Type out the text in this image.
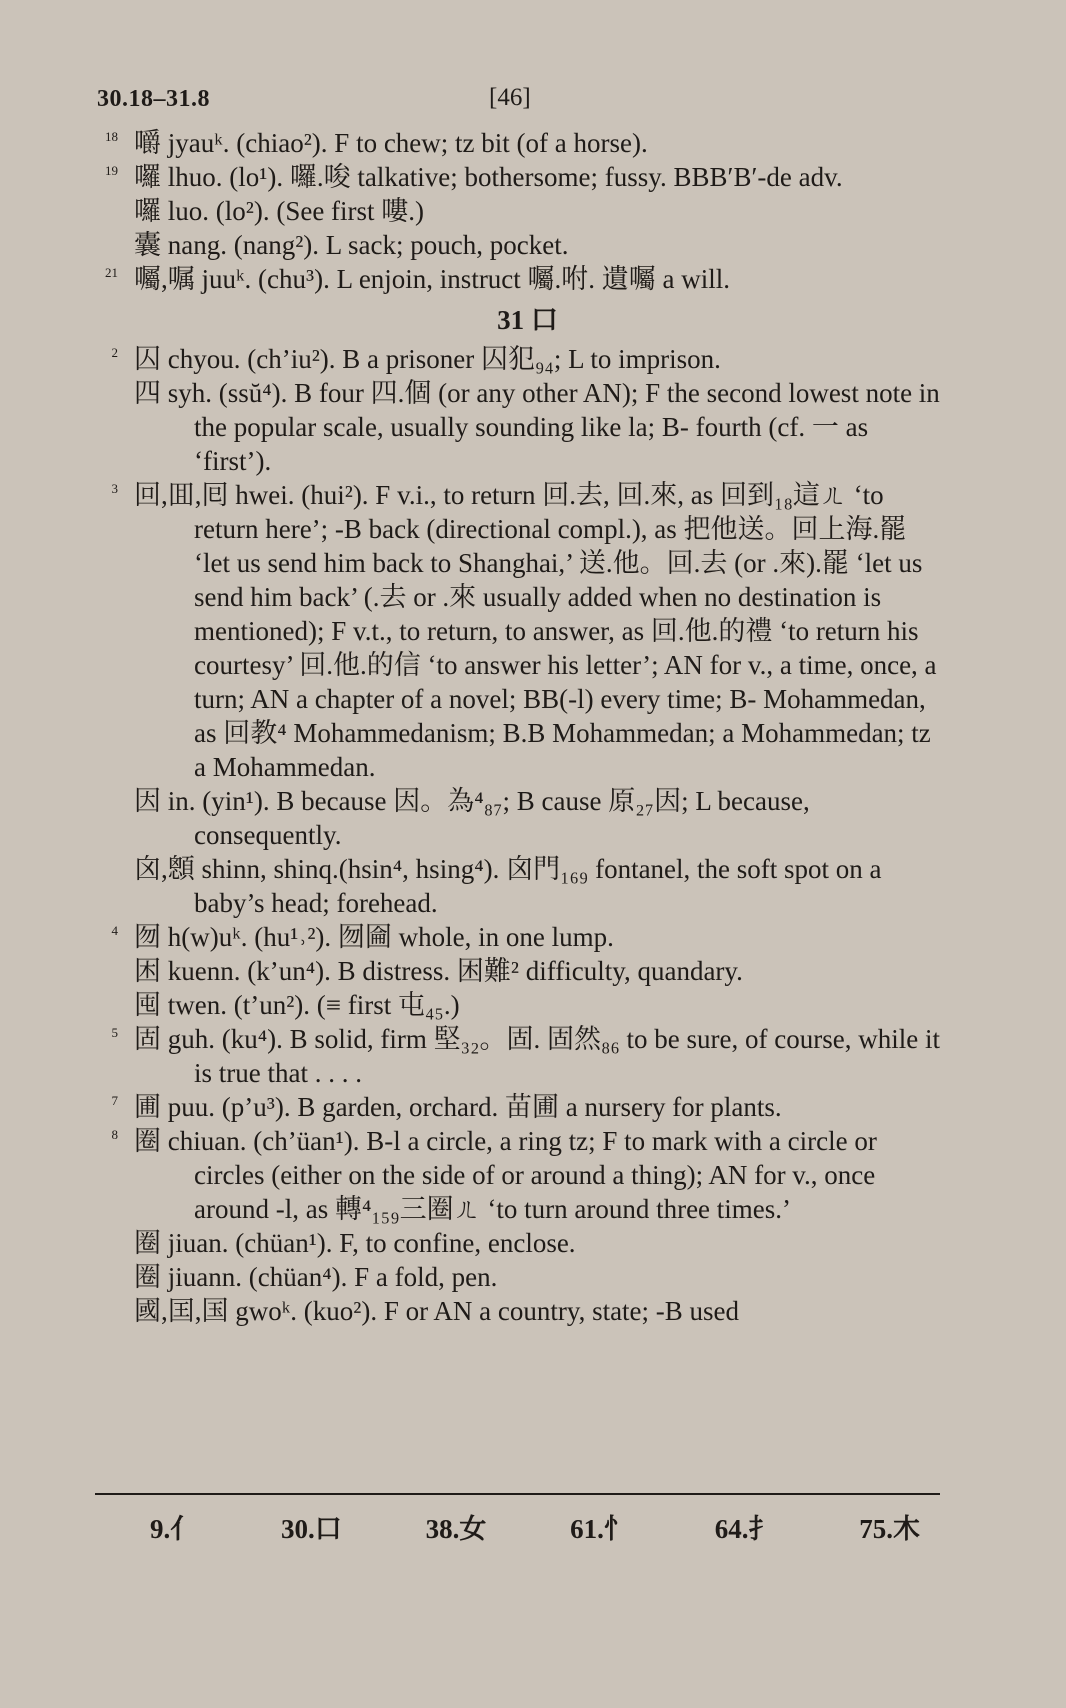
30.18–31.8	[46]

18 嚼 jyauᵏ. (chiao²). F to chew; tz bit (of a horse).

19 囉 lhuo. (lo¹). 囉.唆 talkative; bothersome; fussy. BBB′B′-de adv.

囉 luo. (lo²). (See first 嘍.)

囊 nang. (nang²). L sack; pouch, pocket.

21 囑,嘱 juuᵏ. (chu³). L enjoin, instruct 囑.咐. 遺囑 a will.

31 口

2 囚 chyou. (ch’iu²). B a prisoner 囚犯₉₄; L to imprison.

四 syh. (ssŭ⁴). B four 四.個 (or any other AN); F the second lowest note in the popular scale, usually sounding like la; B- fourth (cf. 一 as ‘first’).

3 回,囬,囘 hwei. (hui²). F v.i., to return 回.去, 回.來, as 回到₁₈這ㄦ ‘to return here’; -B back (directional compl.), as 把他送。回上海.罷 ‘let us send him back to Shanghai,’ 送.他。回.去 (or .來).罷 ‘let us send him back’ (.去 or .來 usually added when no destination is mentioned); F v.t., to return, to answer, as 回.他.的禮 ‘to return his courtesy’ 回.他.的信 ‘to answer his letter’; AN for v., a time, once, a turn; AN a chapter of a novel; BB(-l) every time; B- Mohammedan, as 回教⁴ Mohammedanism; B.B Mohammedan; a Mohammedan; tz a Mohammedan.

因 in. (yin¹). B because 因。為⁴₈₇; B cause 原₂₇因; L because, consequently.

囟,顖 shinn, shinq.(hsin⁴, hsing⁴). 囟門₁₆₉ fontanel, the soft spot on a baby’s head; forehead.

4 囫 h(w)uᵏ. (hu¹˒²). 囫圇 whole, in one lump.

困 kuenn. (k’un⁴). B distress. 困難² difficulty, quandary.

囤 twen. (t’un²). (≡ first 屯₄₅.)

5 固 guh. (ku⁴). B solid, firm 堅₃₂。固. 固然₈₆ to be sure, of course, while it is true that . . . .

7 圃 puu. (p’u³). B garden, orchard. 苗圃 a nursery for plants.

8 圈 chiuan. (ch’üan¹). B-l a circle, a ring tz; F to mark with a circle or circles (either on the side of or around a thing); AN for v., once around -l, as 轉⁴₁₅₉三圈ㄦ ‘to turn around three times.’

圈 jiuan. (chüan¹). F, to confine, enclose.

圈 jiuann. (chüan⁴). F a fold, pen.

國,囯,国 gwoᵏ. (kuo²). F or AN a country, state; -B used

9.亻	30.口	38.女	61.忄	64.扌	75.木
